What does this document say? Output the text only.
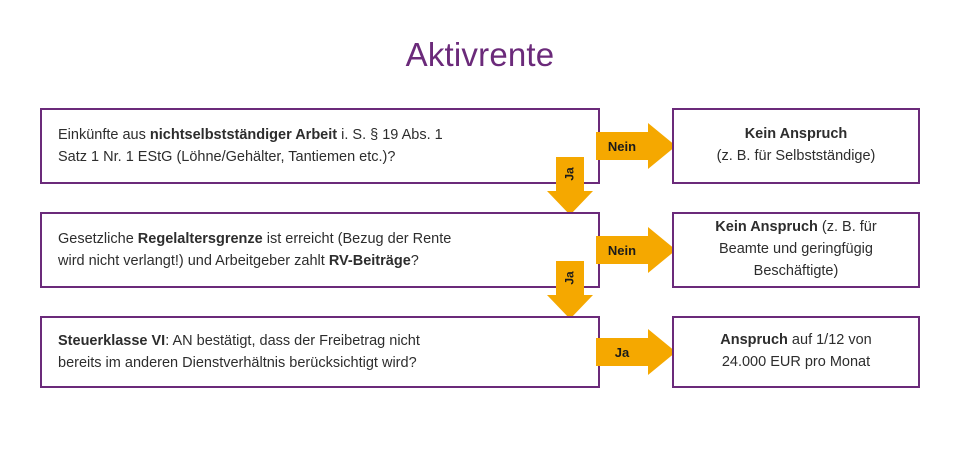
Aktivrente
Einkünfte aus nichtselbstständiger Arbeit i. S. § 19 Abs. 1
Satz 1 Nr. 1 EStG (Löhne/Gehälter, Tantiemen etc.)?
Nein
Kein Anspruch
(z. B. für Selbstständige)
Ja
Gesetzliche Regelaltersgrenze ist erreicht (Bezug der Rente
wird nicht verlangt!) und Arbeitgeber zahlt RV-Beiträge?
Nein
Kein Anspruch (z. B. für
Beamte und geringfügig
Beschäftigte)
Ja
Steuerklasse VI: AN bestätigt, dass der Freibetrag nicht
bereits im anderen Dienstverhältnis berücksichtigt wird?
Ja
Anspruch auf 1/12 von
24.000 EUR pro Monat
